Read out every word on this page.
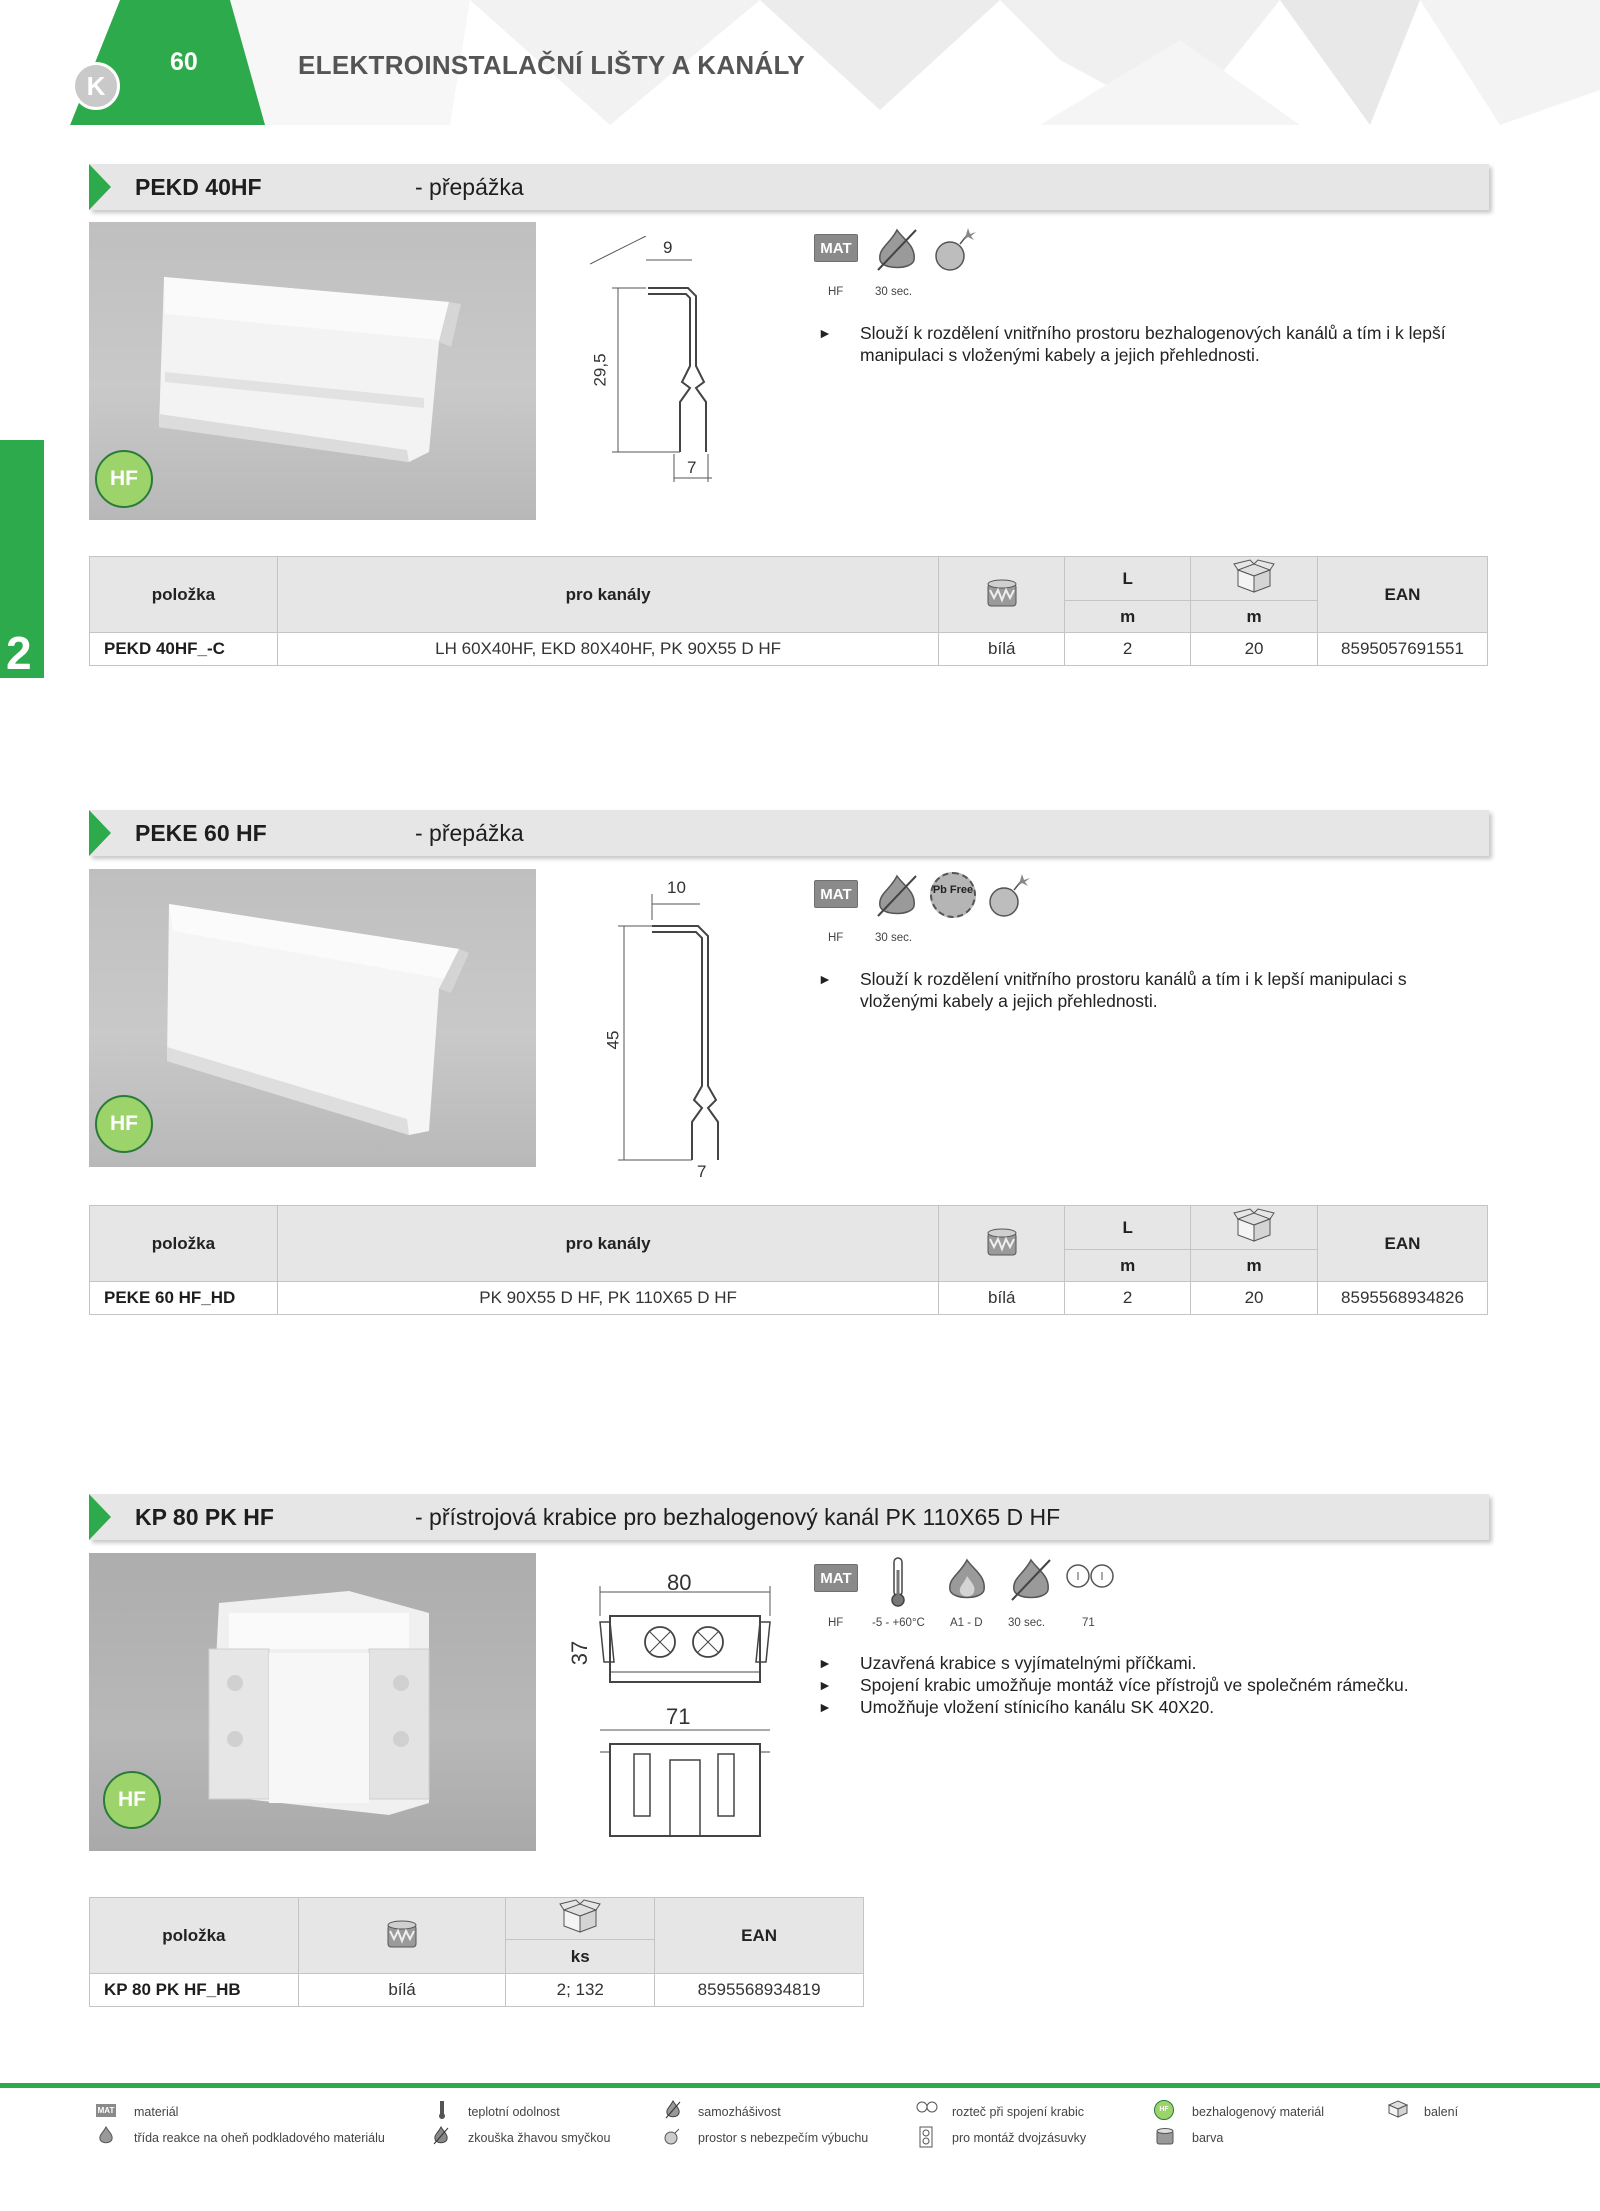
K
60	ELEKTROINSTALAČNÍ LIŠTY A KANÁLY
2
PEKD 40HF	- přepážka
HF
9
29,5
7
MAT
HF	30 sec.
► Slouží k rozdělení vnitřního prostoru bezhalogenových kanálů a tím i k lepší manipulaci s vloženými kabely a jejich přehlednosti.
položka	pro kanály		L		EAN
			m	m	
PEKD 40HF_-C	LH 60X40HF, EKD 80X40HF, PK 90X55 D HF	bílá	2	20	8595057691551
PEKE 60 HF	- přepážka
HF
10
45
7
MAT	Pb Free
HF	30 sec.
► Slouží k rozdělení vnitřního prostoru kanálů a tím i k lepší manipulaci s vloženými kabely a jejich přehlednosti.
položka	pro kanály		L		EAN
			m	m	
PEKE 60 HF_HD	PK 90X55 D HF, PK 110X65 D HF	bílá	2	20	8595568934826
KP 80 PK HF	- přístrojová krabice pro bezhalogenový kanál PK 110X65 D HF
HF
80
37
71
MAT
HF -5 - +60°C A1 - D 30 sec.	71
► Uzavřená krabice s vyjímatelnými příčkami.
► Spojení krabic umožňuje montáž více přístrojů ve společném rámečku.
► Umožňuje vložení stínicího kanálu SK 40X20.
položka			EAN
		ks	
KP 80 PK HF_HB	bílá	2; 132	8595568934819
MAT materiál
třída reakce na oheň podkladového materiálu
teplotní odolnost
zkouška žhavou smyčkou
samozhášivost
prostor s nebezpečím výbuchu
rozteč při spojení krabic
pro montáž dvojzásuvky
HF	bezhalogenový materiál
barva
balení
